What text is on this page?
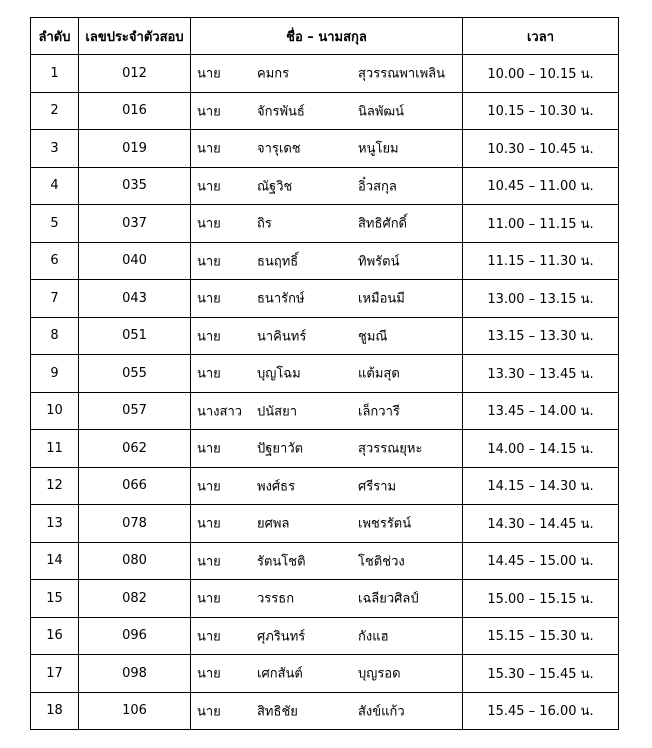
ลำดับ	เลขประจำตัวสอบ	ชื่อ – นามสกุล	เวลา
1	012	นาย คมกร สุวรรณพาเพลิน	10.00 – 10.15 น.
2	016	นาย จักรพันธ์ นิลพัฒน์	10.15 – 10.30 น.
3	019	นาย จารุเดช หนูโยม	10.30 – 10.45 น.
4	035	นาย ณัฐวิช อิ๋วสกุล	10.45 – 11.00 น.
5	037	นาย ถิร สิทธิศักดิ์	11.00 – 11.15 น.
6	040	นาย ธนฤทธิ์ ทิพรัตน์	11.15 – 11.30 น.
7	043	นาย ธนารักษ์ เหมือนมี	13.00 – 13.15 น.
8	051	นาย นาคินทร์ ชูมณี	13.15 – 13.30 น.
9	055	นาย บุญโฉม แต้มสุด	13.30 – 13.45 น.
10	057	นางสาว ปนัสยา เล็กวารี	13.45 – 14.00 น.
11	062	นาย ปัฐยาวัต สุวรรณยุหะ	14.00 – 14.15 น.
12	066	นาย พงศ์ธร ศรีราม	14.15 – 14.30 น.
13	078	นาย ยศพล เพชรรัตน์	14.30 – 14.45 น.
14	080	นาย รัตนโชติ โชติช่วง	14.45 – 15.00 น.
15	082	นาย วรรธก เฉลียวศิลป์	15.00 – 15.15 น.
16	096	นาย ศุภรินทร์ กังแฮ	15.15 – 15.30 น.
17	098	นาย เศกสันต์ บุญรอด	15.30 – 15.45 น.
18	106	นาย สิทธิชัย สังข์แก้ว	15.45 – 16.00 น.
